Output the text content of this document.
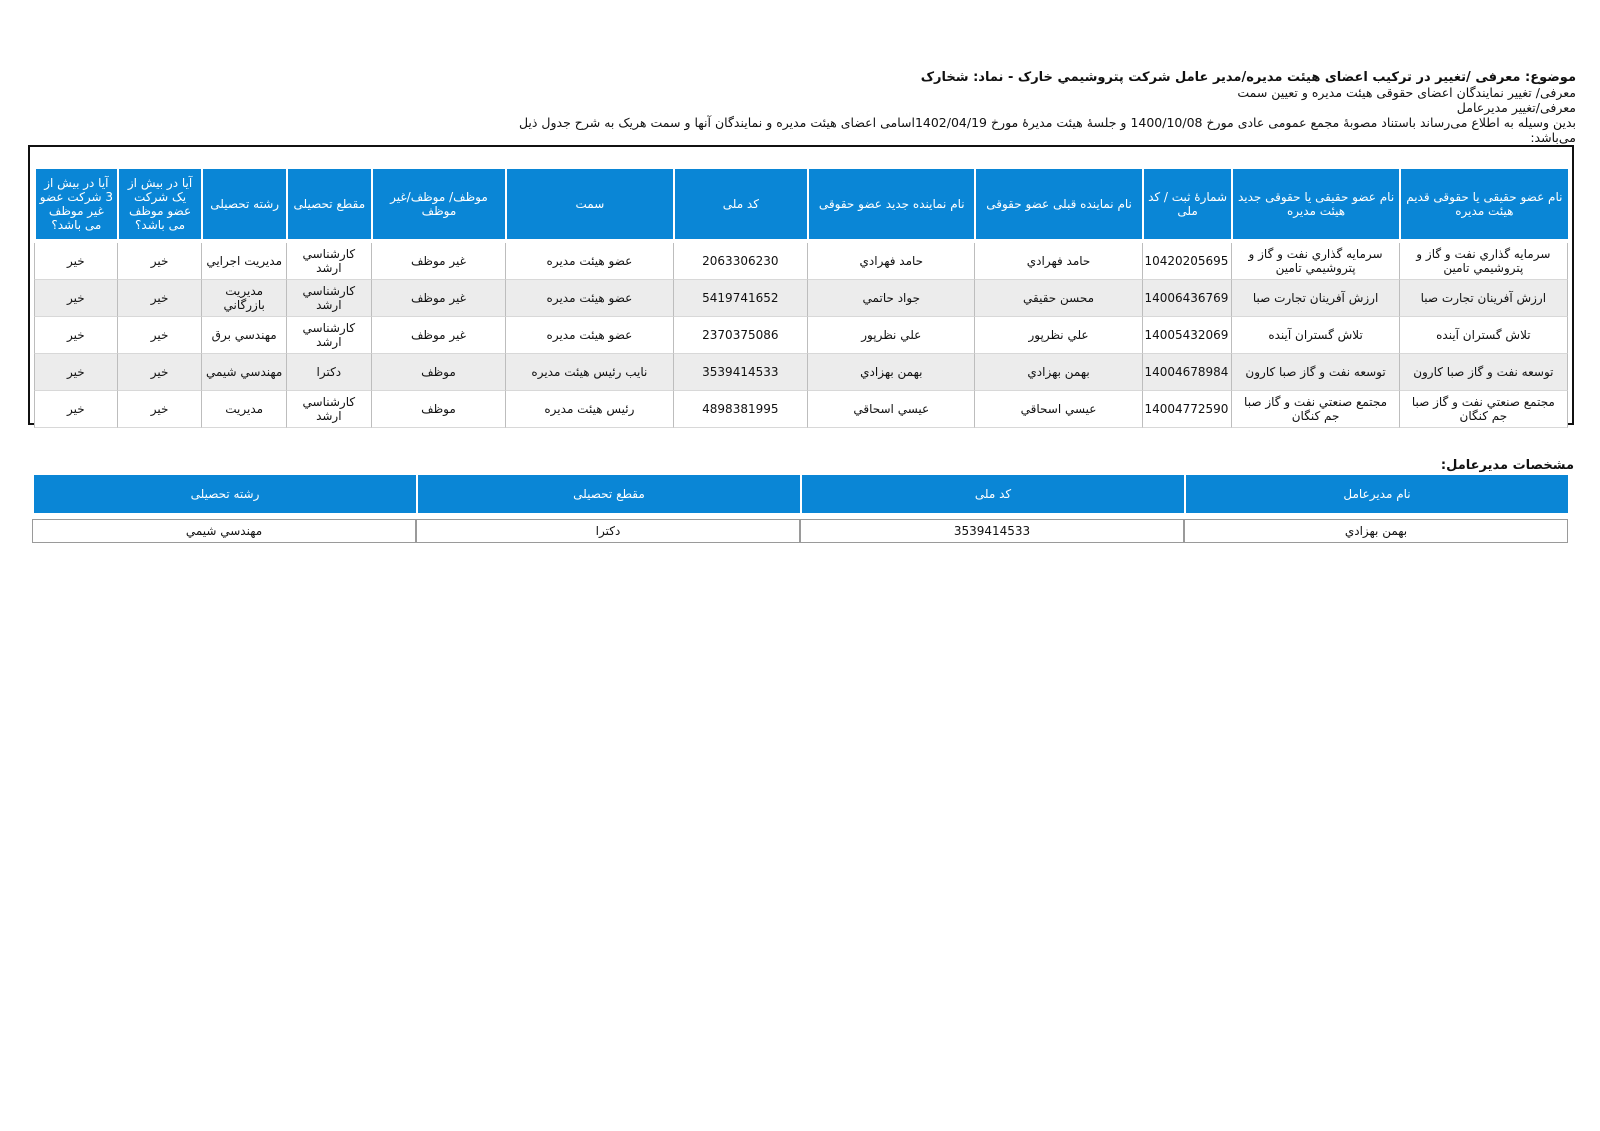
موضوع: معرفی /تغییر در ترکیب اعضای هیئت مدیره/مدیر عامل شرکت پتروشيمي خارک - نماد: شخارک
معرفی/ تغییر نمایندگان اعضای حقوقی هیئت مدیره و تعیین سمت
معرفی/تغییر مدیرعامل
بدین وسیله به اطلاع می‌رساند باستناد مصوبۀ مجمع عمومی عادی مورخ 1400/10/08 و جلسۀ هیئت مدیرۀ مورخ 1402/04/19اسامی اعضای هیئت مدیره و نمایندگان آنها و سمت هریک به شرح جدول ذیل می‌باشد:
نام عضو حقیقی یا حقوقی قدیم هیئت مدیره	نام عضو حقیقی یا حقوقی جدید هیئت مدیره	شمارۀ ثبت / کد ملی	نام نماینده قبلی عضو حقوقی	نام نماینده جدید عضو حقوقی	کد ملی	سمت	موظف/ موظف/غیر موظف	مقطع تحصیلی	رشته تحصیلی	آیا در بیش از یک شرکت عضو موظف می باشد؟	آیا در بیش از 3 شرکت عضو غیر موظف می باشد؟

سرمايه گذاري نفت و گاز و پتروشيمي تامين	سرمايه گذاري نفت و گاز و پتروشيمي تامين	10420205695	حامد فهرادي	حامد فهرادي	2063306230	عضو هیئت مدیره	غیر موظف	كارشناسي ارشد	مديريت اجرايي	خير	خير
ارزش آفرينان تجارت صبا	ارزش آفرينان تجارت صبا	14006436769	محسن حقيقي	جواد حاتمي	5419741652	عضو هیئت مدیره	غیر موظف	كارشناسي ارشد	مديريت بازرگاني	خير	خير
تلاش گستران آينده	تلاش گستران آينده	14005432069	علي نظرپور	علي نظرپور	2370375086	عضو هیئت مدیره	غیر موظف	كارشناسي ارشد	مهندسي برق	خير	خير
توسعه نفت و گاز صبا کارون	توسعه نفت و گاز صبا کارون	14004678984	بهمن بهزادي	بهمن بهزادي	3539414533	نایب رئیس هیئت مدیره	موظف	دكترا	مهندسي شيمي	خير	خير
مجتمع صنعتي نفت و گاز صبا جم کنگان	مجتمع صنعتي نفت و گاز صبا جم کنگان	14004772590	عيسي اسحاقي	عيسي اسحاقي	4898381995	رئیس هیئت مدیره	موظف	كارشناسي ارشد	مديريت	خير	خير
مشخصات مدیرعامل:
نام مدیرعامل	کد ملی	مقطع تحصیلی	رشته تحصیلی

بهمن بهزادي	3539414533	دكترا	مهندسي شيمي
